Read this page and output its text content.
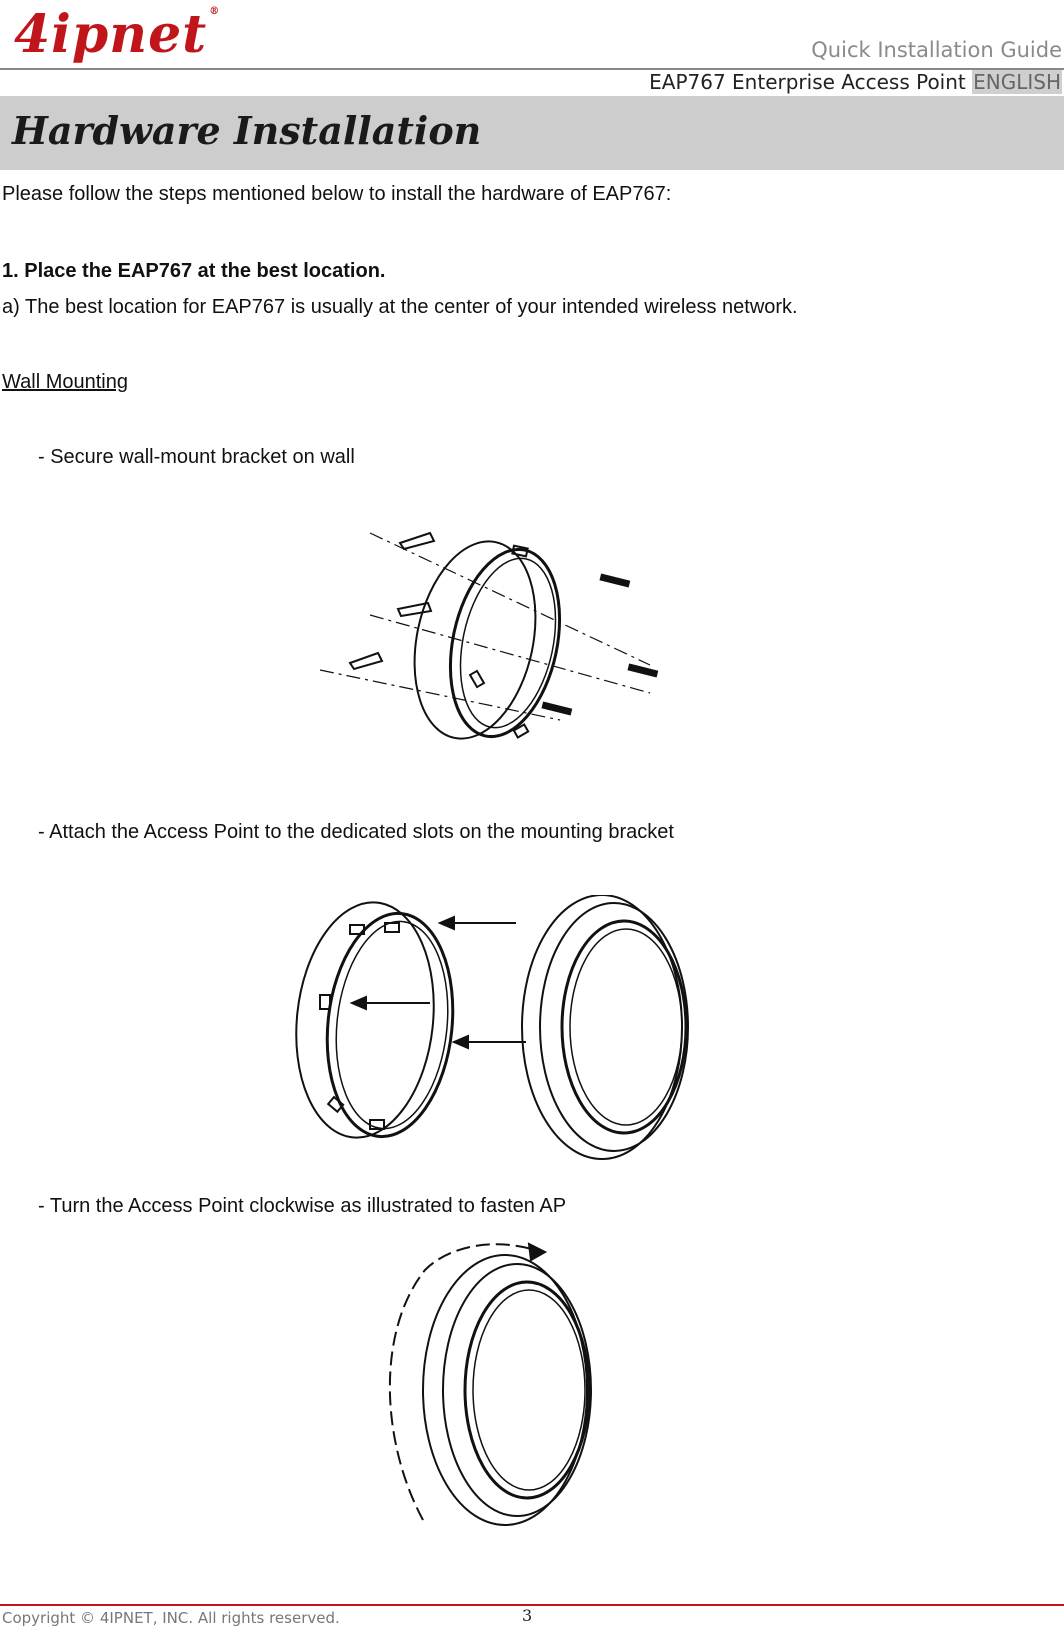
4ipnet ®
Quick Installation Guide
EAP767 Enterprise Access Point ENGLISH
Hardware Installation
Please follow the steps mentioned below to install the hardware of EAP767:
1. Place the EAP767 at the best location.
a) The best location for EAP767 is usually at the center of your intended wireless network.
Wall Mounting
- Secure wall-mount bracket on wall
- Attach the Access Point to the dedicated slots on the mounting bracket
- Turn the Access Point clockwise as illustrated to fasten AP
Copyright © 4IPNET, INC. All rights reserved.	3
